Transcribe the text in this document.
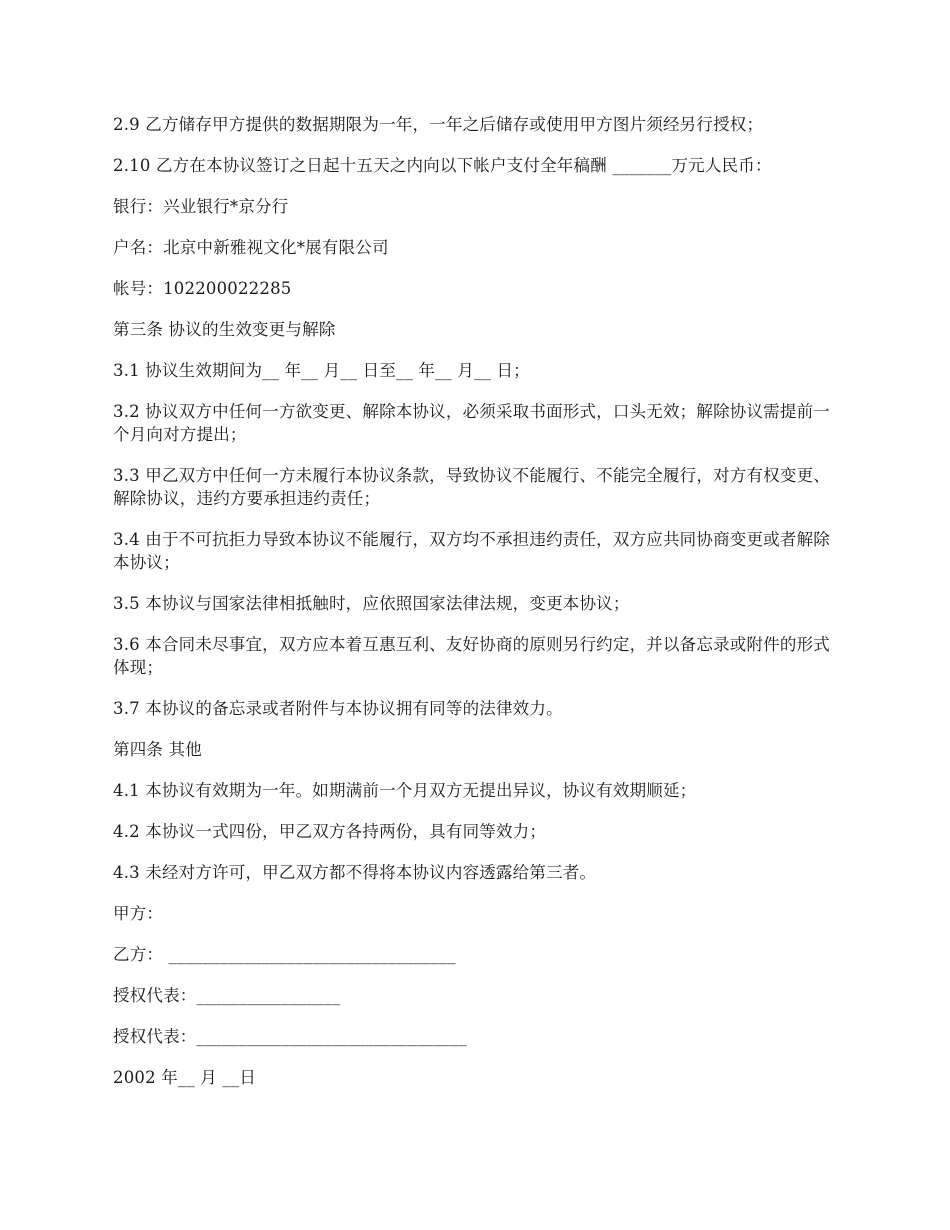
2.9 乙方储存甲方提供的数据期限为一年，一年之后储存或使用甲方图片须经另行授权；

2.10 乙方在本协议签订之日起十五天之内向以下帐户支付全年稿酬 _______万元人民币：

银行：兴业银行*京分行

户名：北京中新雅视文化*展有限公司

帐号：102200022285

第三条 协议的生效变更与解除

3.1 协议生效期间为__ 年__ 月__ 日至__ 年__ 月__ 日；

3.2 协议双方中任何一方欲变更、解除本协议，必须采取书面形式，口头无效；解除协议需提前一个月向对方提出；

3.3 甲乙双方中任何一方未履行本协议条款，导致协议不能履行、不能完全履行，对方有权变更、解除协议，违约方要承担违约责任；

3.4 由于不可抗拒力导致本协议不能履行，双方均不承担违约责任，双方应共同协商变更或者解除本协议；

3.5 本协议与国家法律相抵触时，应依照国家法律法规，变更本协议；

3.6 本合同未尽事宜，双方应本着互惠互利、友好协商的原则另行约定，并以备忘录或附件的形式体现；

3.7 本协议的备忘录或者附件与本协议拥有同等的法律效力。

第四条 其他

4.1 本协议有效期为一年。如期满前一个月双方无提出异议，协议有效期顺延；

4.2 本协议一式四份，甲乙双方各持两份，具有同等效力；

4.3 未经对方许可，甲乙双方都不得将本协议内容透露给第三者。

甲方：

乙方： __________________________________

授权代表：_________________

授权代表：________________________________

2002 年__ 月 __日
